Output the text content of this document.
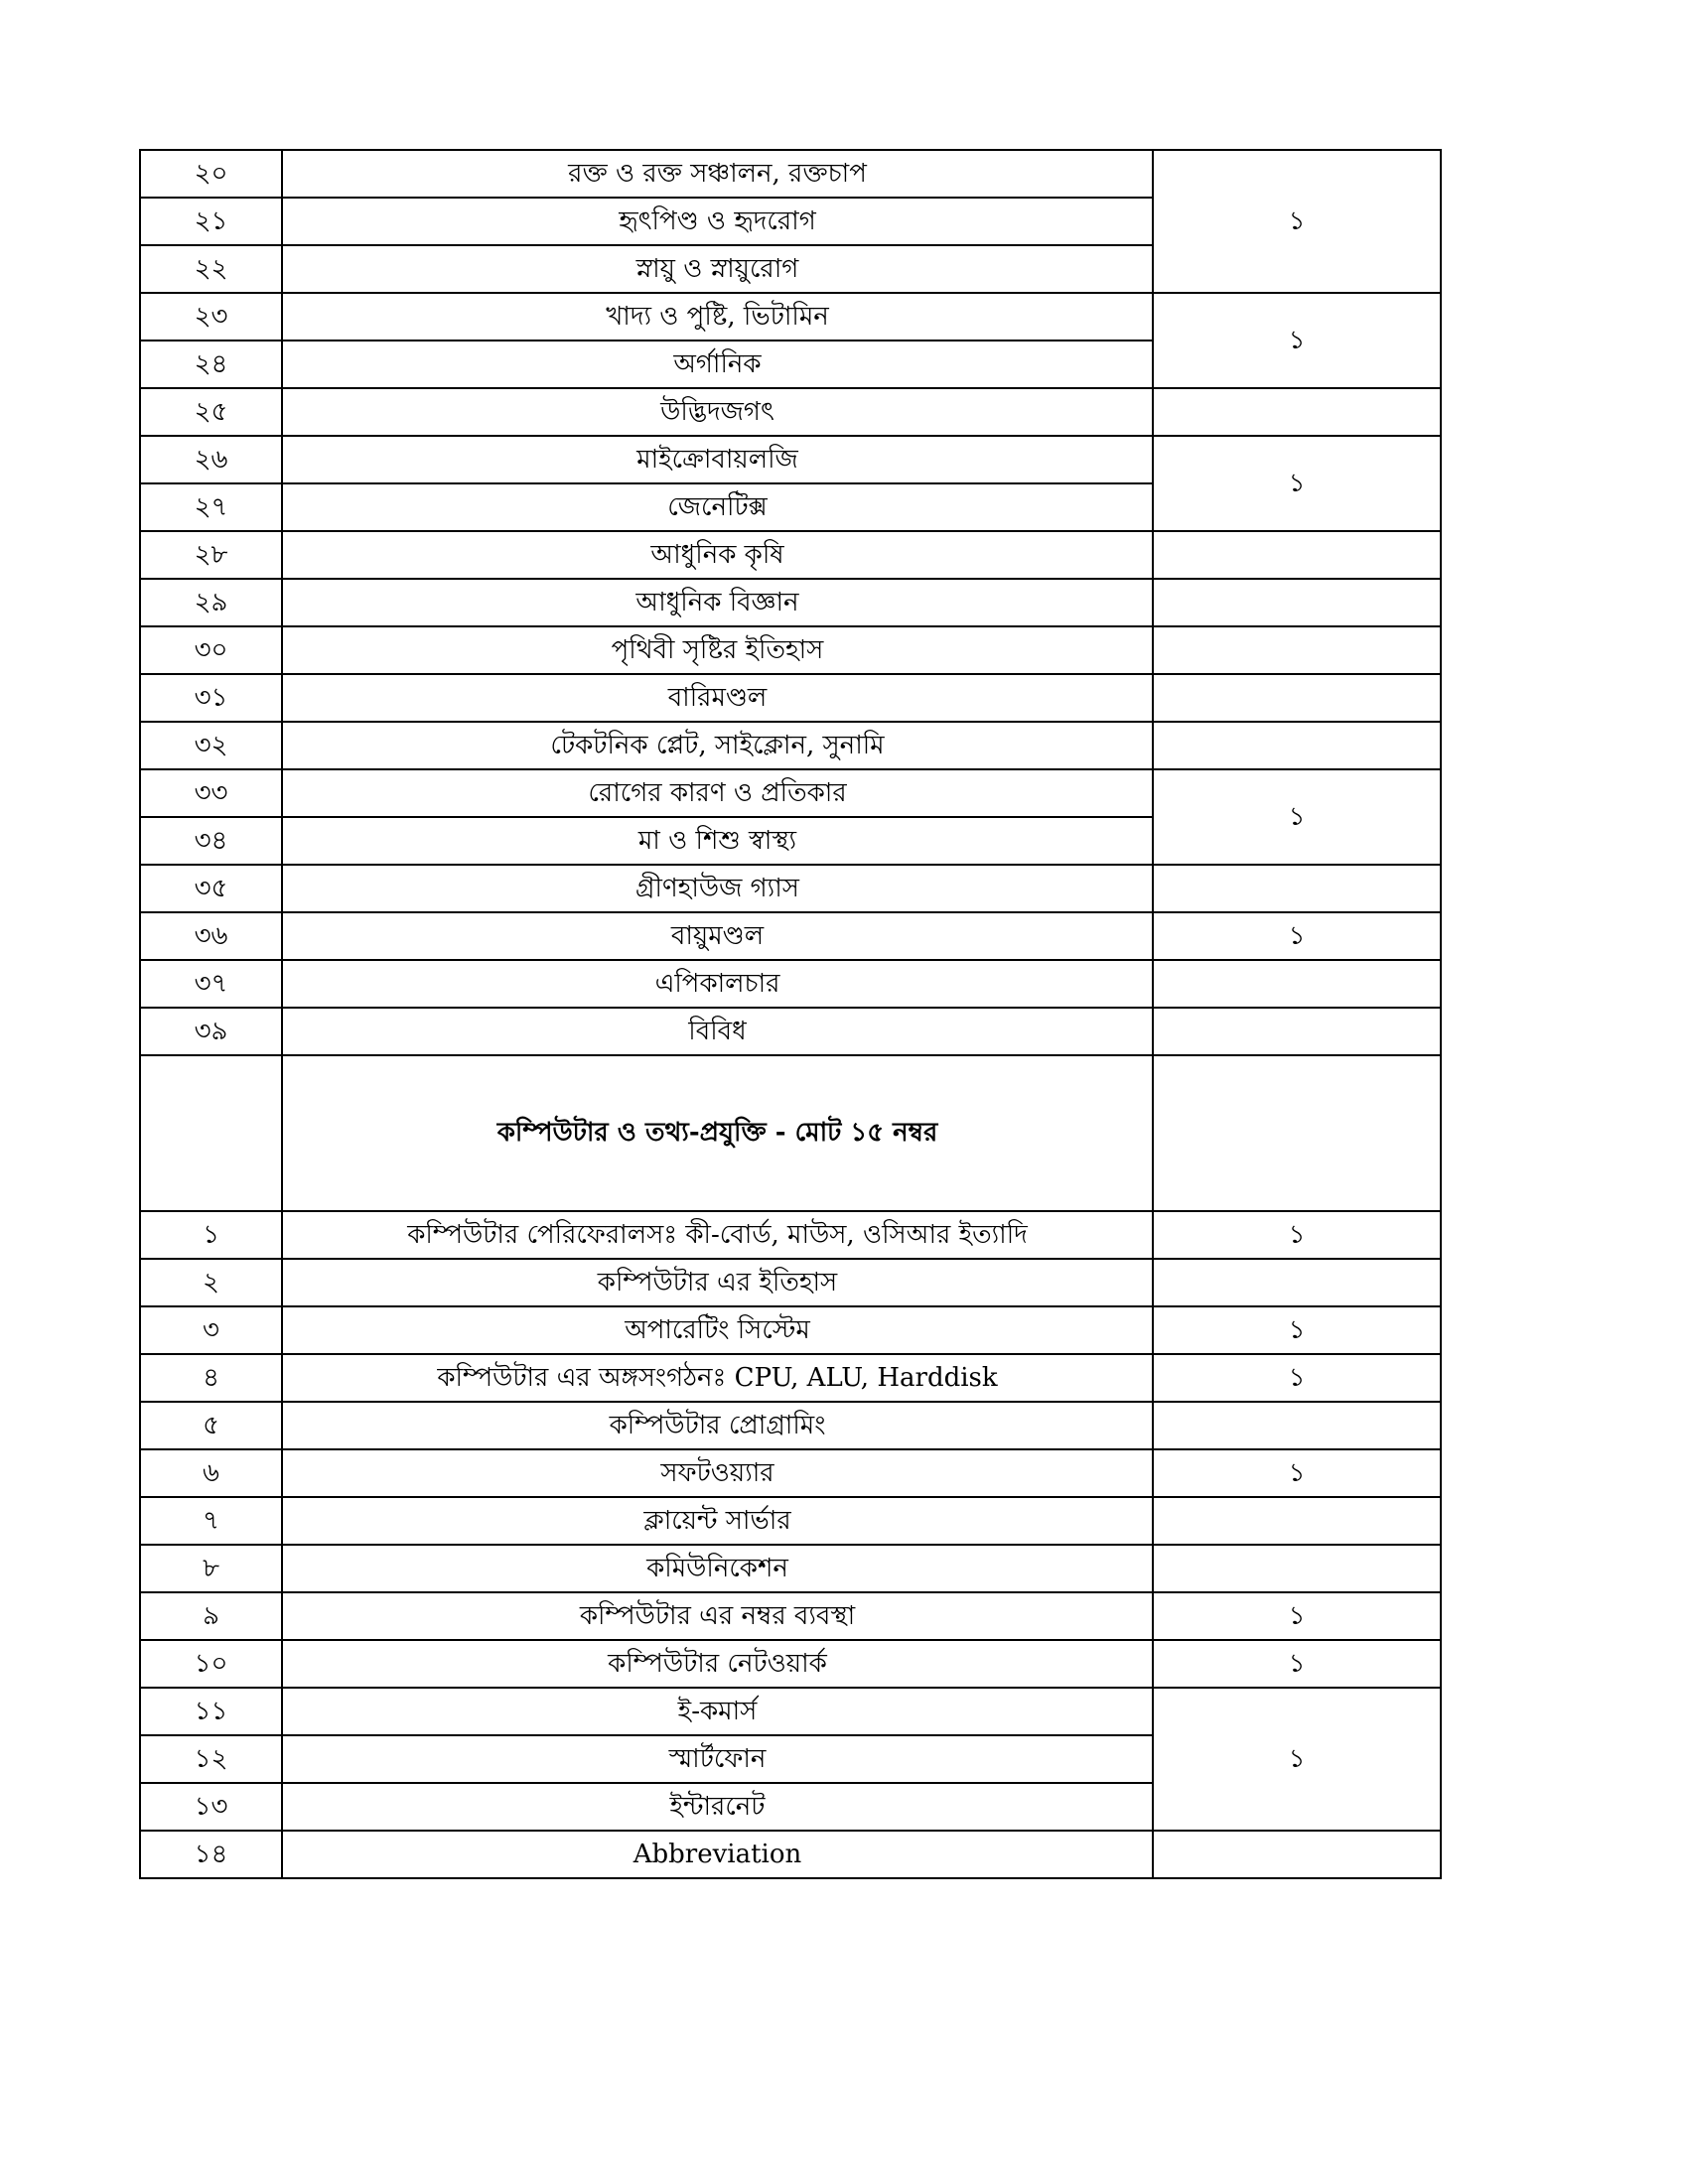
২০	রক্ত ও রক্ত সঞ্চালন, রক্তচাপ	১
২১	হৃৎপিণ্ড ও হৃদরোগ	
২২	স্নায়ু ও স্নায়ুরোগ	
২৩	খাদ্য ও পুষ্টি, ভিটামিন	১
২৪	অর্গানিক	
২৫	উদ্ভিদজগৎ	
২৬	মাইক্রোবায়লজি	১
২৭	জেনেটিক্স	
২৮	আধুনিক কৃষি	
২৯	আধুনিক বিজ্ঞান	
৩০	পৃথিবী সৃষ্টির ইতিহাস	
৩১	বারিমণ্ডল	
৩২	টেকটনিক প্লেট, সাইক্লোন, সুনামি	
৩৩	রোগের কারণ ও প্রতিকার	১
৩৪	মা ও শিশু স্বাস্থ্য	
৩৫	গ্রীণহাউজ গ্যাস	
৩৬	বায়ুমণ্ডল	১
৩৭	এপিকালচার	
৩৯	বিবিধ	
	কম্পিউটার ও তথ্য-প্রযুক্তি - মোট ১৫ নম্বর	
১	কম্পিউটার পেরিফেরালসঃ কী-বোর্ড, মাউস, ওসিআর ইত্যাদি	১
২	কম্পিউটার এর ইতিহাস	
৩	অপারেটিং সিস্টেম	১
৪	কম্পিউটার এর অঙ্গসংগঠনঃ CPU, ALU, Harddisk	১
৫	কম্পিউটার প্রোগ্রামিং	
৬	সফটওয়্যার	১
৭	ক্লায়েন্ট সার্ভার	
৮	কমিউনিকেশন	
৯	কম্পিউটার এর নম্বর ব্যবস্থা	১
১০	কম্পিউটার নেটওয়ার্ক	১
১১	ই-কমার্স	১
১২	স্মার্টফোন	
১৩	ইন্টারনেট	
১৪	Abbreviation	
